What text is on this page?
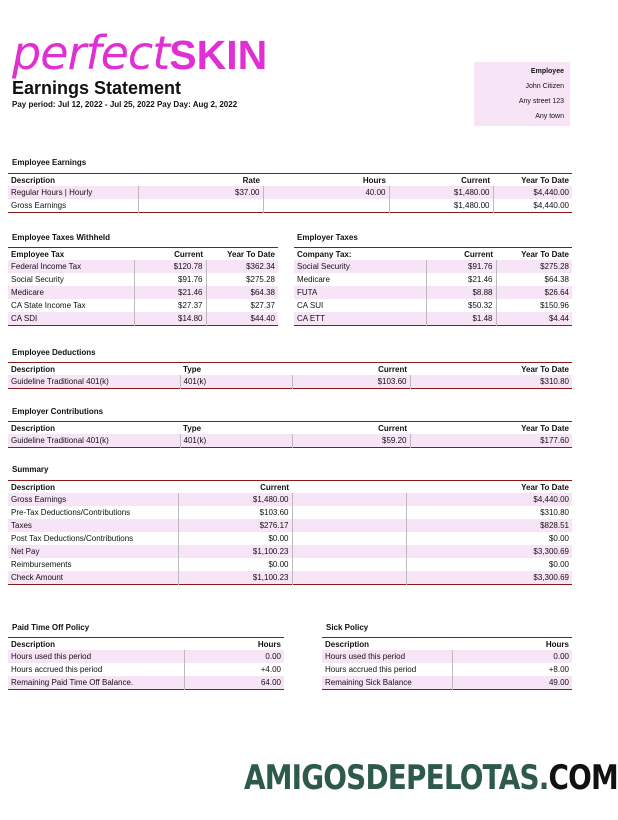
perfectSKIN
Earnings Statement
Pay period: Jul 12, 2022 - Jul 25, 2022 Pay Day: Aug 2, 2022
Employee
John Citizen
Any street 123
Any town
Employee Earnings
Description	Rate	Hours	Current	Year To Date
Regular Hours | Hourly	$37.00	40.00	$1,480.00	$4,440.00
Gross Earnings			$1,480.00	$4,440.00
Employee Taxes Withheld
Employee Tax	Current	Year To Date
Federal Income Tax	$120.78	$362.34
Social Security	$91.76	$275.28
Medicare	$21.46	$64.38
CA State Income Tax	$27.37	$27.37
CA SDI	$14.80	$44.40
Employer Taxes
Company Tax:	Current	Year To Date
Social Security	$91.76	$275.28
Medicare	$21.46	$64.38
FUTA	$8.88	$26.64
CA SUI	$50.32	$150.96
CA ETT	$1.48	$4.44
Employee Deductions
Description	Type	Current	Year To Date
Guideline Traditional 401(k)	401(k)	$103.60	$310.80
Employer Contributions
Description	Type	Current	Year To Date
Guideline Traditional 401(k)	401(k)	$59.20	$177.60
Summary
Description	Current		Year To Date
Gross Earnings	$1,480.00		$4,440.00
Pre-Tax Deductions/Contributions	$103.60		$310.80
Taxes	$276.17		$828.51
Post Tax Deductions/Contributions	$0.00		$0.00
Net Pay	$1,100.23		$3,300.69
Reimbursements	$0.00		$0.00
Check Amount	$1,100.23		$3,300.69
Paid Time Off Policy
Description	Hours
Hours used this period	0.00
Hours accrued this period	+4.00
Remaining Paid Time Off Balance.	64.00
Sick Policy
Description	Hours
Hours used this period	0.00
Hours accrued this period	+8.00
Remaining Sick Balance	49.00
AMIGOSDEPELOTAS.COM
